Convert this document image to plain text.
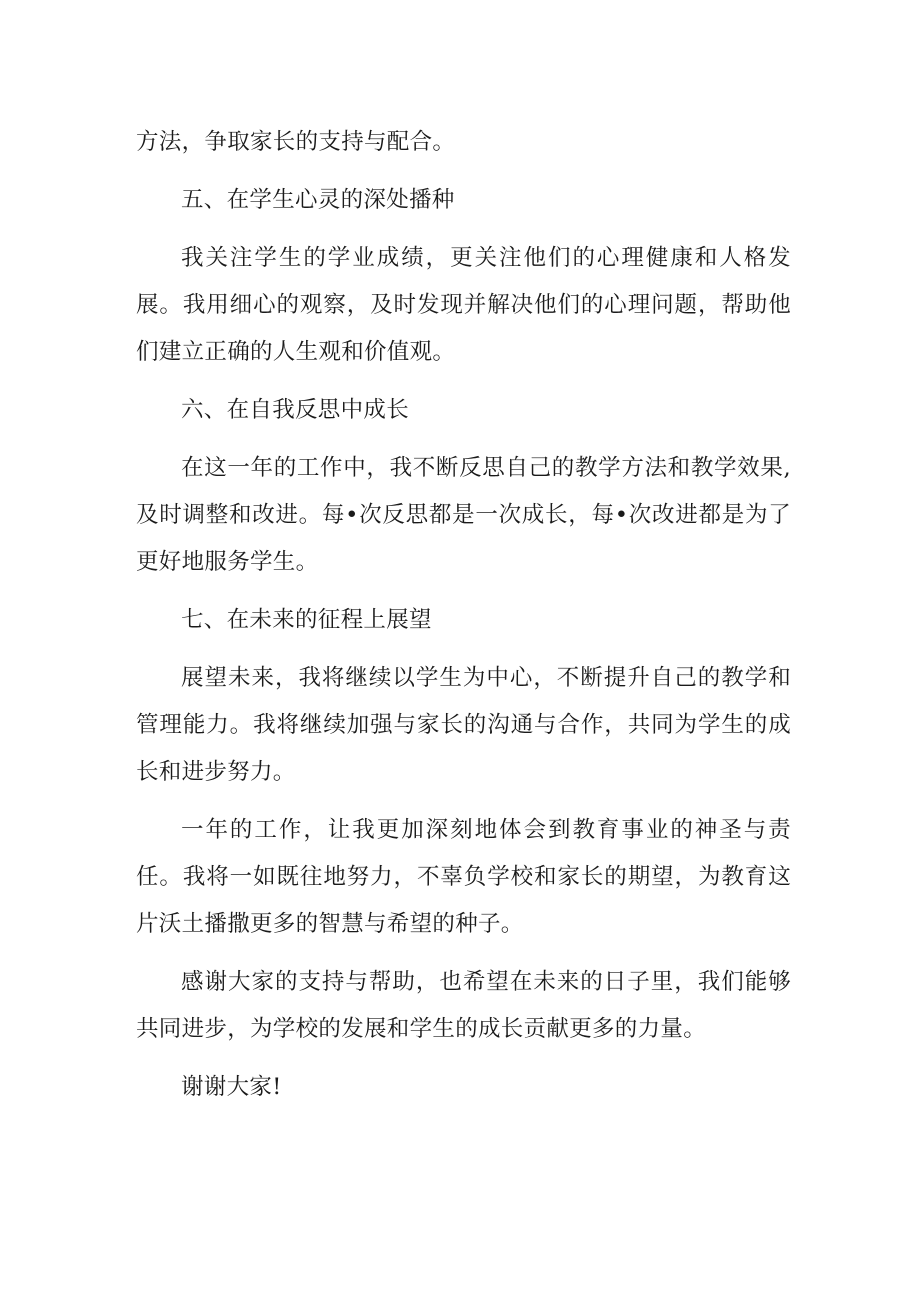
方法，争取家长的支持与配合。

五、在学生心灵的深处播种

我关注学生的学业成绩，更关注他们的心理健康和人格发展。我用细心的观察，及时发现并解决他们的心理问题，帮助他们建立正确的人生观和价值观。

六、在自我反思中成长

在这一年的工作中，我不断反思自己的教学方法和教学效果,及时调整和改进。每•次反思都是一次成长，每•次改进都是为了更好地服务学生。

七、在未来的征程上展望

展望未来，我将继续以学生为中心，不断提升自己的教学和管理能力。我将继续加强与家长的沟通与合作，共同为学生的成长和进步努力。

一年的工作，让我更加深刻地体会到教育事业的神圣与责任。我将一如既往地努力，不辜负学校和家长的期望，为教育这片沃土播撒更多的智慧与希望的种子。

感谢大家的支持与帮助，也希望在未来的日子里，我们能够共同进步，为学校的发展和学生的成长贡献更多的力量。

谢谢大家!
